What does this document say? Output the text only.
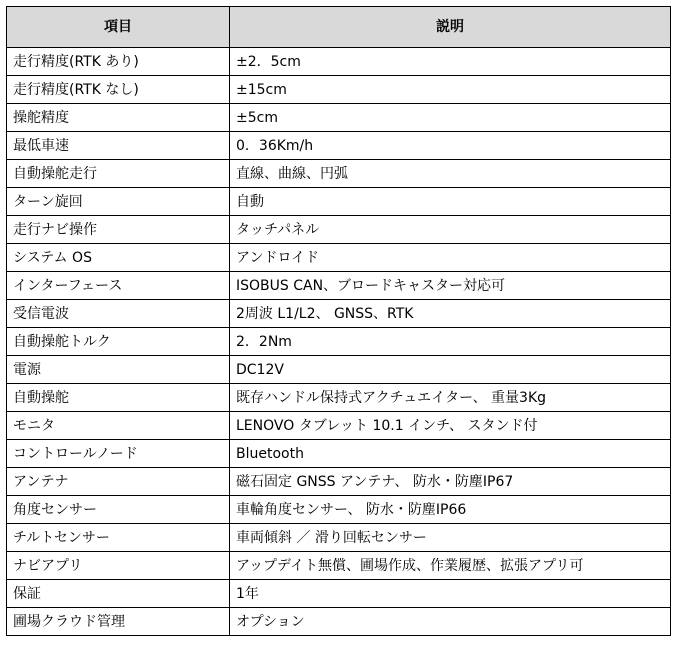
項目	説明
走行精度(RTK あり)	±2．5cm
走行精度(RTK なし)	±15cm
操舵精度	±5cm
最低車速	0．36Km/h
自動操舵走行	直線、曲線、円弧
ターン旋回	自動
走行ナビ操作	タッチパネル
システム OS	アンドロイド
インターフェース	ISOBUS CAN、ブロードキャスター対応可
受信電波	2周波 L1/L2、 GNSS、RTK
自動操舵トルク	2．2Nm
電源	DC12V
自動操舵	既存ハンドル保持式アクチュエイター、 重量3Kg
モニタ	LENOVO タブレット 10.1 インチ、 スタンド付
コントロールノード	Bluetooth
アンテナ	磁石固定 GNSS アンテナ、 防水・防塵IP67
角度センサー	車輪角度センサー、 防水・防塵IP66
チルトセンサー	車両傾斜 ／ 滑り回転センサー
ナビアプリ	アップデイト無償、圃場作成、作業履歴、拡張アプリ可
保証	1年
圃場クラウド管理	オプション
